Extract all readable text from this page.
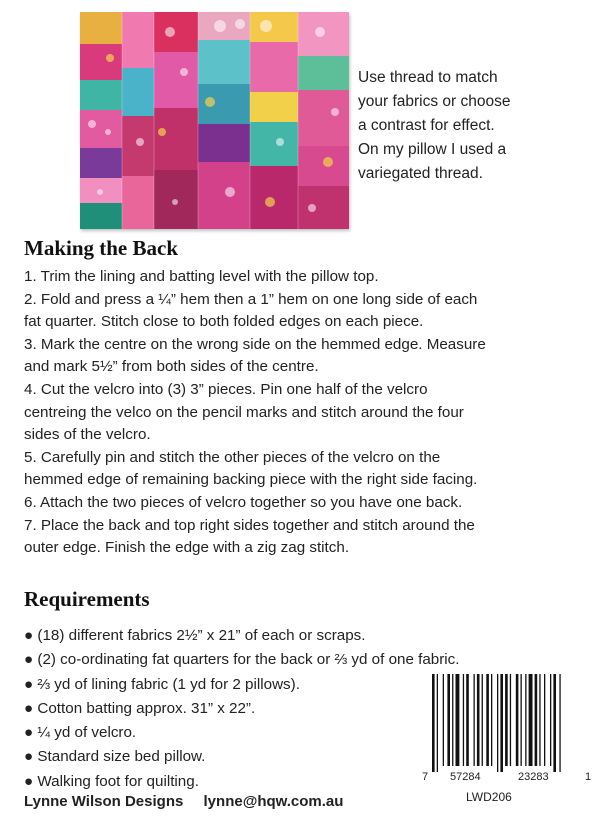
Use thread to match
your fabrics or choose
a contrast for effect.
On my pillow I used a
variegated thread.
Making the Back
1. Trim the lining and batting level with the pillow top.
2. Fold and press a ¼” hem then a 1” hem on one long side of each
fat quarter. Stitch close to both folded edges on each piece.
3. Mark the centre on the wrong side on the hemmed edge. Measure
and mark 5½” from both sides of the centre.
4. Cut the velcro into (3) 3” pieces. Pin one half of the velcro
centreing the velco on the pencil marks and stitch around the four
sides of the velcro.
5. Carefully pin and stitch the other pieces of the velcro on the
hemmed edge of remaining backing piece with the right side facing.
6. Attach the two pieces of velcro together so you have one back.
7. Place the back and top right sides together and stitch around the
outer edge. Finish the edge with a zig zag stitch.
Requirements
● (18) different fabrics 2½” x 21” of each or scraps.
● (2) co-ordinating fat quarters for the back or ⅔ yd of one fabric.
● ⅔ yd of lining fabric (1 yd for 2 pillows).
● Cotton batting approx. 31” x 22”.
● ¼ yd of velcro.
● Standard size bed pillow.
● Walking foot for quilting.	7 57284	23283	1
LWD206
Lynne Wilson Designs lynne@hqw.com.au
